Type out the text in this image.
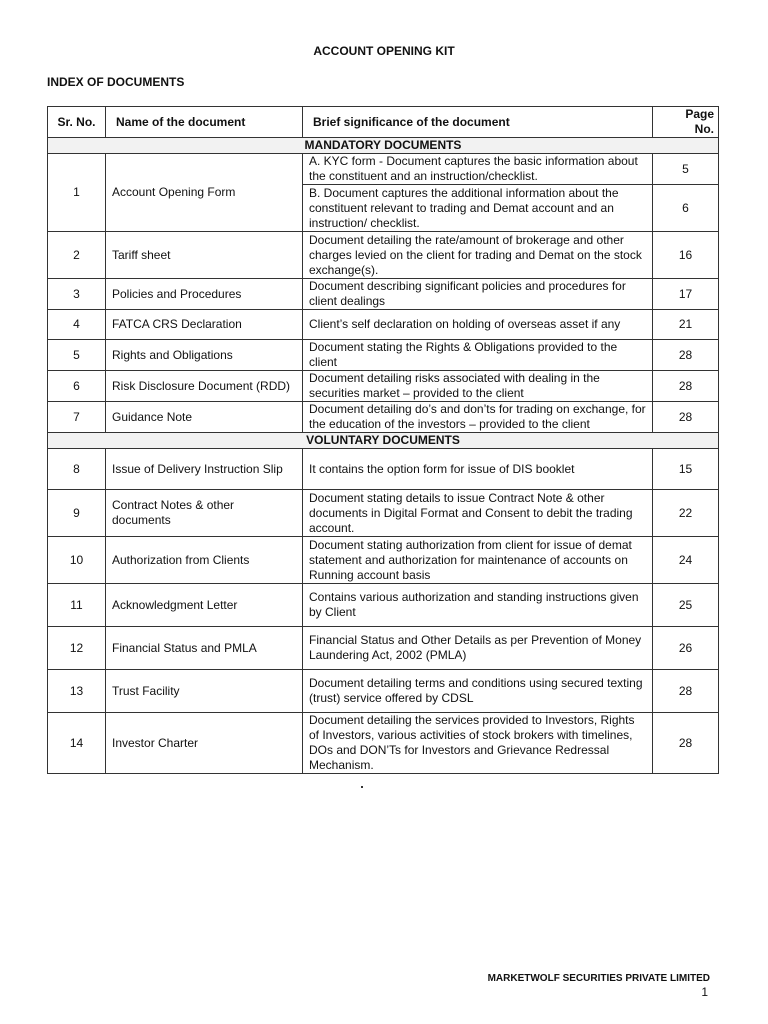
ACCOUNT OPENING KIT
INDEX OF DOCUMENTS
Sr. No.	Name of the document	Brief significance of the document	Page No.
MANDATORY DOCUMENTS			
1	Account Opening Form	A. KYC form - Document captures the basic information about the constituent and an instruction/checklist.	5
		B. Document captures the additional information about the constituent relevant to trading and Demat account and an instruction/ checklist.	6
2	Tariff sheet	Document detailing the rate/amount of brokerage and other charges levied on the client for trading and Demat on the stock exchange(s).	16
3	Policies and Procedures	Document describing significant policies and procedures for client dealings	17
4	FATCA CRS Declaration	Client’s self declaration on holding of overseas asset if any	21
5	Rights and Obligations	Document stating the Rights & Obligations provided to the client	28
6	Risk Disclosure Document (RDD)	Document detailing risks associated with dealing in the securities market – provided to the client	28
7	Guidance Note	Document detailing do’s and don’ts for trading on exchange, for the education of the investors – provided to the client	28
VOLUNTARY DOCUMENTS			
8	Issue of Delivery Instruction Slip	It contains the option form for issue of DIS booklet	15
9	Contract Notes & other documents	Document stating details to issue Contract Note & other documents in Digital Format and Consent to debit the trading account.	22
10	Authorization from Clients	Document stating authorization from client for issue of demat statement and authorization for maintenance of accounts on Running account basis	24
11	Acknowledgment Letter	Contains various authorization and standing instructions given by Client	25
12	Financial Status and PMLA	Financial Status and Other Details as per Prevention of Money Laundering Act, 2002 (PMLA)	26
13	Trust Facility	Document detailing terms and conditions using secured texting (trust) service offered by CDSL	28
14	Investor Charter	Document detailing the services provided to Investors, Rights of Investors, various activities of stock brokers with timelines, DOs and DON’Ts for Investors and Grievance Redressal Mechanism.	28
MARKETWOLF SECURITIES PRIVATE LIMITED
1
